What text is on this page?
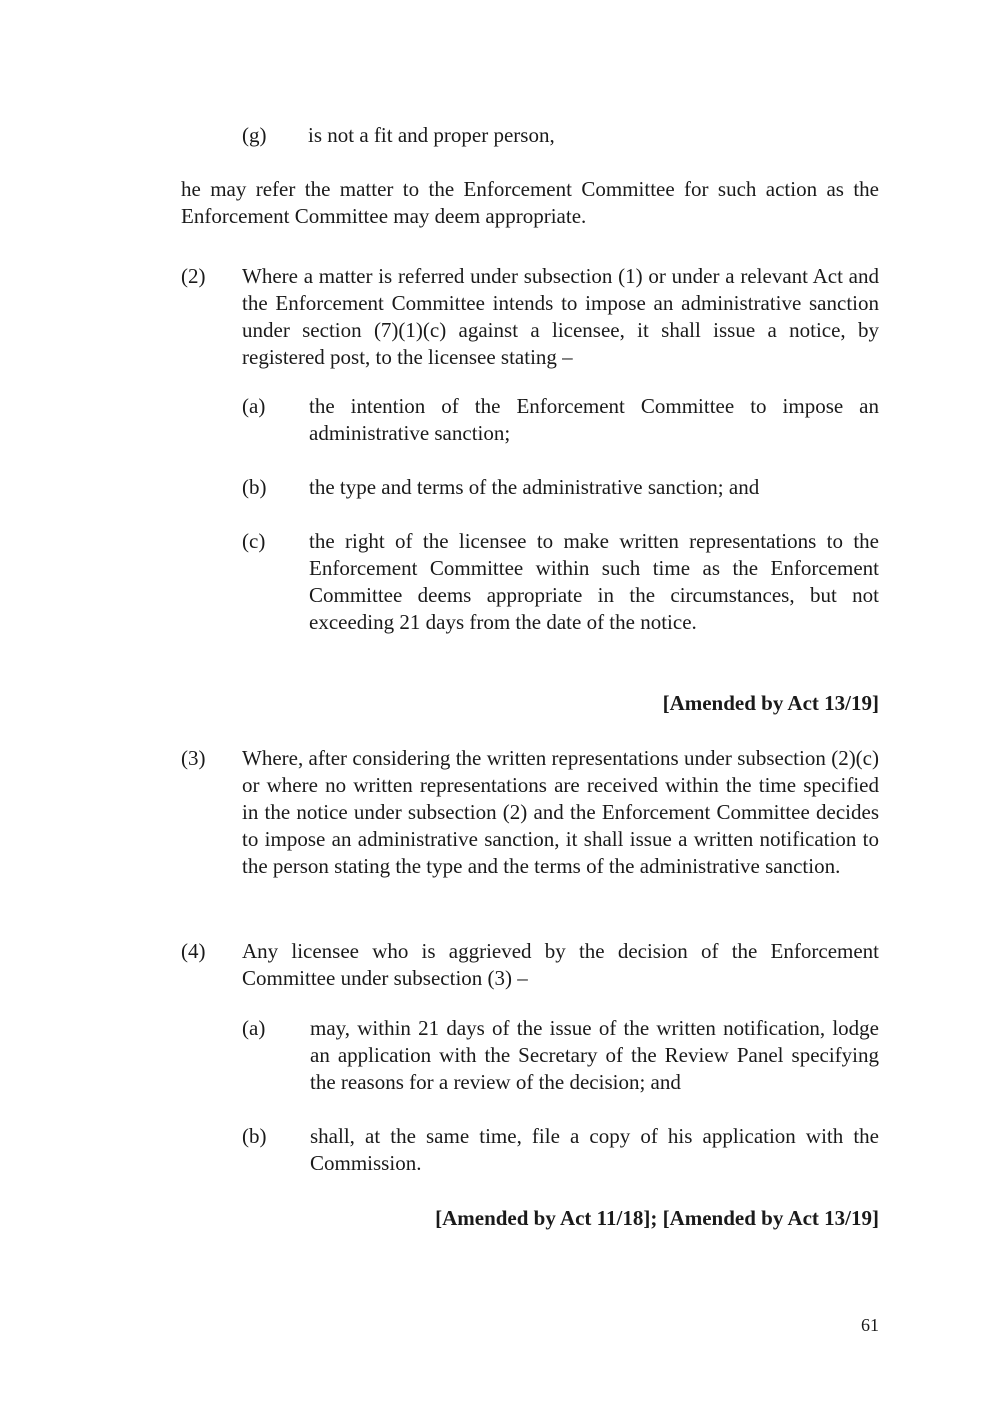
(g) is not a fit and proper person,
he may refer the matter to the Enforcement Committee for such action as the Enforcement Committee may deem appropriate.
(2) Where a matter is referred under subsection (1) or under a relevant Act and the Enforcement Committee intends to impose an administrative sanction under section (7)(1)(c) against a licensee, it shall issue a notice, by registered post, to the licensee stating –
(a) the intention of the Enforcement Committee to impose an administrative sanction;
(b) the type and terms of the administrative sanction; and
(c) the right of the licensee to make written representations to the Enforcement Committee within such time as the Enforcement Committee deems appropriate in the circumstances, but not exceeding 21 days from the date of the notice.
[Amended by Act 13/19]
(3) Where, after considering the written representations under subsection (2)(c) or where no written representations are received within the time specified in the notice under subsection (2) and the Enforcement Committee decides to impose an administrative sanction, it shall issue a written notification to the person stating the type and the terms of the administrative sanction.
(4) Any licensee who is aggrieved by the decision of the Enforcement Committee under subsection (3) –
(a) may, within 21 days of the issue of the written notification, lodge an application with the Secretary of the Review Panel specifying the reasons for a review of the decision; and
(b) shall, at the same time, file a copy of his application with the Commission.
[Amended by Act 11/18]; [Amended by Act 13/19]
61
